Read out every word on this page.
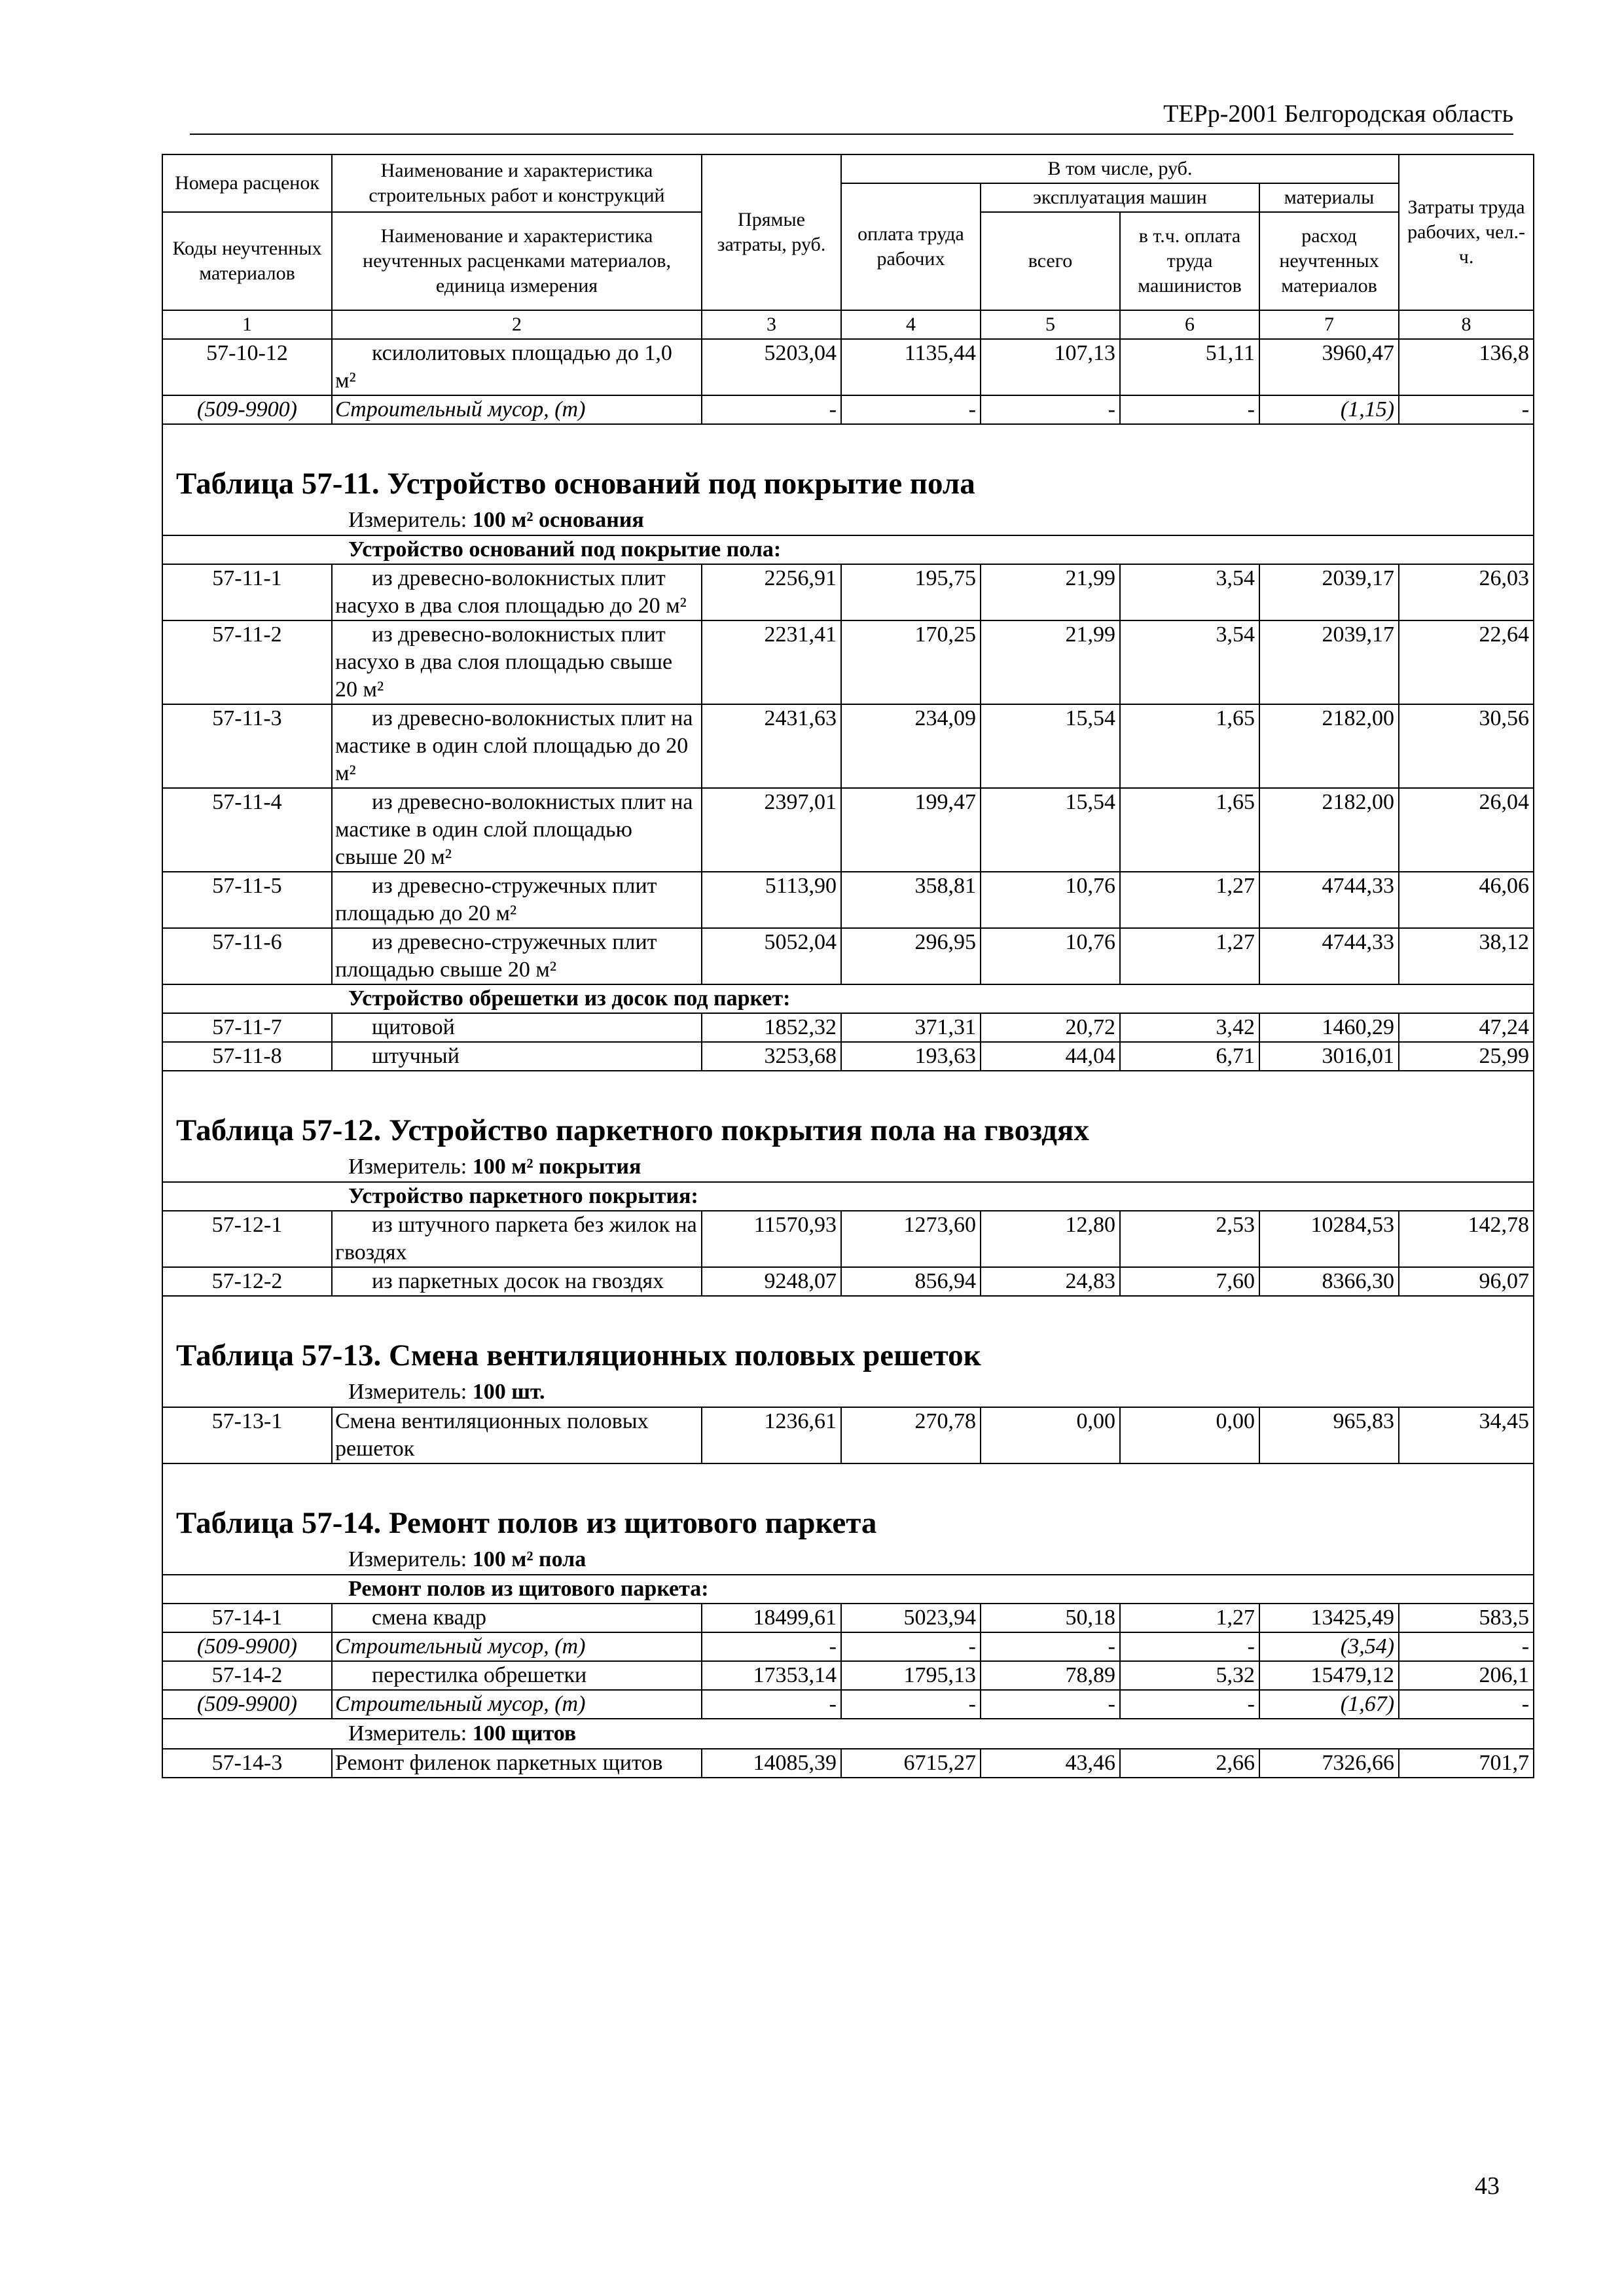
ТЕРр-2001 Белгородская область
Номера расценок	Наименование и характеристика строительных работ и конструкций	Прямые затраты, руб.	В том числе, руб.				Затраты труда рабочих, чел.-ч.
			оплата труда рабочих	эксплуатация машин		материалы	
Коды неучтенных материалов	Наименование и характеристика неучтенных расценками материалов, единица измерения			всего	в т.ч. оплата труда машинистов	расход неучтенных материалов	

1	2	3	4	5	6	7	8
57-10-12	ксилолитовых площадью до 1,0 м²	5203,04	1135,44	107,13	51,11	3960,47	136,8
(509-9900)	Строительный мусор, (т)	-	-	-	-	(1,15)	-

Таблица 57-11. Устройство оснований под покрытие пола							
Измеритель: 100 м² основания							
Устройство оснований под покрытие пола:							
57-11-1	из древесно-волокнистых плит насухо в два слоя площадью до 20 м²	2256,91	195,75	21,99	3,54	2039,17	26,03
57-11-2	из древесно-волокнистых плит насухо в два слоя площадью свыше 20 м²	2231,41	170,25	21,99	3,54	2039,17	22,64
57-11-3	из древесно-волокнистых плит на мастике в один слой площадью до 20 м²	2431,63	234,09	15,54	1,65	2182,00	30,56
57-11-4	из древесно-волокнистых плит на мастике в один слой площадью свыше 20 м²	2397,01	199,47	15,54	1,65	2182,00	26,04
57-11-5	из древесно-стружечных плит площадью до 20 м²	5113,90	358,81	10,76	1,27	4744,33	46,06
57-11-6	из древесно-стружечных плит площадью свыше 20 м²	5052,04	296,95	10,76	1,27	4744,33	38,12
Устройство обрешетки из досок под паркет:							
57-11-7	щитовой	1852,32	371,31	20,72	3,42	1460,29	47,24
57-11-8	штучный	3253,68	193,63	44,04	6,71	3016,01	25,99

Таблица 57-12. Устройство паркетного покрытия пола на гвоздях							
Измеритель: 100 м² покрытия							
Устройство паркетного покрытия:							
57-12-1	из штучного паркета без жилок на гвоздях	11570,93	1273,60	12,80	2,53	10284,53	142,78
57-12-2	из паркетных досок на гвоздях	9248,07	856,94	24,83	7,60	8366,30	96,07

Таблица 57-13. Смена вентиляционных половых решеток							
Измеритель: 100 шт.							
57-13-1	Смена вентиляционных половых решеток	1236,61	270,78	0,00	0,00	965,83	34,45

Таблица 57-14. Ремонт полов из щитового паркета							
Измеритель: 100 м² пола							
Ремонт полов из щитового паркета:							
57-14-1	смена квадр	18499,61	5023,94	50,18	1,27	13425,49	583,5
(509-9900)	Строительный мусор, (т)	-	-	-	-	(3,54)	-
57-14-2	перестилка обрешетки	17353,14	1795,13	78,89	5,32	15479,12	206,1
(509-9900)	Строительный мусор, (т)	-	-	-	-	(1,67)	-
Измеритель: 100 щитов							
57-14-3	Ремонт филенок паркетных щитов	14085,39	6715,27	43,46	2,66	7326,66	701,7
43
